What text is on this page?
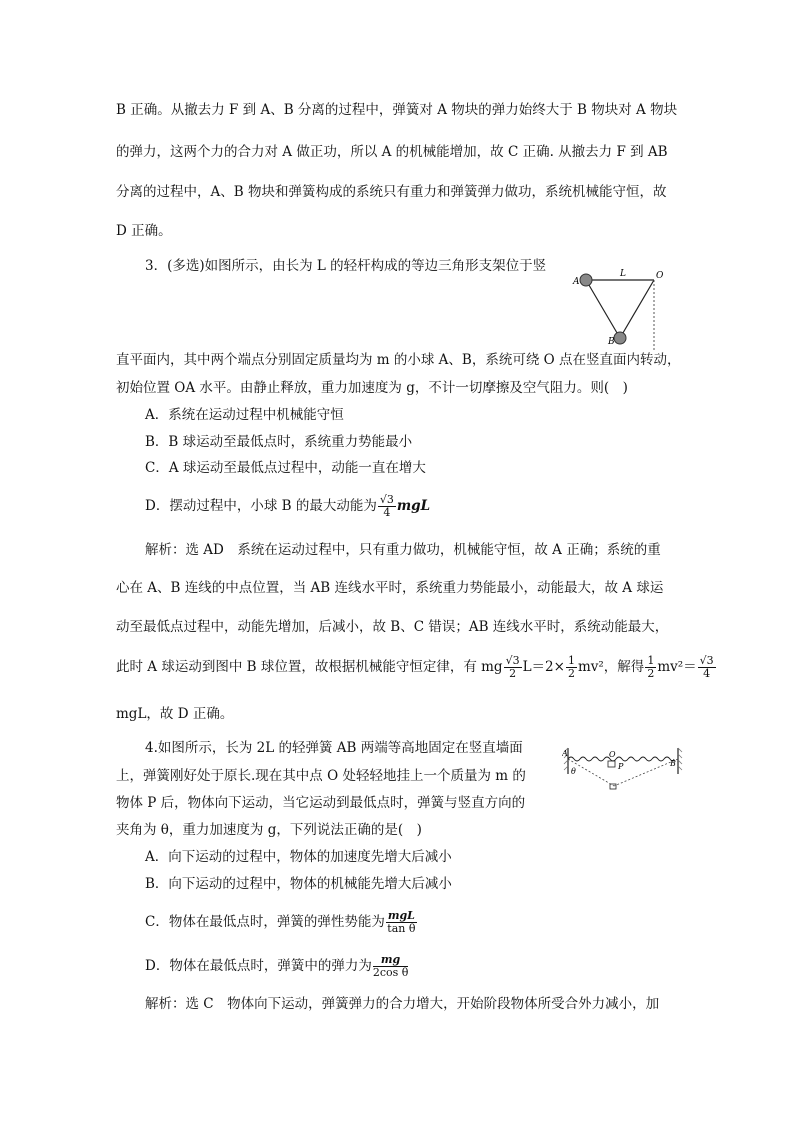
B 正确。从撤去力 F 到 A、B 分离的过程中，弹簧对 A 物块的弹力始终大于 B 物块对 A 物块
的弹力，这两个力的合力对 A 做正功，所以 A 的机械能增加，故 C 正确. 从撤去力 F 到 AB
分离的过程中，A、B 物块和弹簧构成的系统只有重力和弹簧弹力做功，系统机械能守恒，故
D 正确。
3．(多选)如图所示，由长为 L 的轻杆构成的等边三角形支架位于竖
A
L	O
B
直平面内，其中两个端点分别固定质量均为 m 的小球 A、B，系统可绕 O 点在竖直面内转动，
初始位置 OA 水平。由静止释放，重力加速度为 g，不计一切摩擦及空气阻力。则(　)
A．系统在运动过程中机械能守恒
B．B 球运动至最低点时，系统重力势能最小
C．A 球运动至最低点过程中，动能一直在增大
D．摆动过程中，小球 B 的最大动能为 $\frac{√3}{4}$ mgL
解析：选 AD　系统在运动过程中，只有重力做功，机械能守恒，故 A 正确；系统的重
心在 A、B 连线的中点位置，当 AB 连线水平时，系统重力势能最小，动能最大，故 A 球运
动至最低点过程中，动能先增加，后减小，故 B、C 错误；AB 连线水平时，系统动能最大，
此时 A 球运动到图中 B 球位置，故根据机械能守恒定律，有 mg $\frac{√3}{2} L=2\times \frac{1}{2} mv^2$，解得 $\frac{1}{2} mv^2= \frac{√3}{4}$
mgL，故 D 正确。
4.如图所示，长为 2L 的轻弹簧 AB 两端等高地固定在竖直墙面	A	O
B
θ
P
上，弹簧刚好处于原长.现在其中点 O 处轻轻地挂上一个质量为 m 的
物体 P 后，物体向下运动，当它运动到最低点时，弹簧与竖直方向的
夹角为 θ，重力加速度为 g，下列说法正确的是(　)
A．向下运动的过程中，物体的加速度先增大后减小
B．向下运动的过程中，物体的机械能先增大后减小
C．物体在最低点时，弹簧的弹性势能为 $\frac{\text{mgL}}{\text{tan θ}}$
D．物体在最低点时，弹簧中的弹力为 $\frac{mg}{\text{2cos θ}}$
解析：选 C　物体向下运动，弹簧弹力的合力增大，开始阶段物体所受合外力减小，加
